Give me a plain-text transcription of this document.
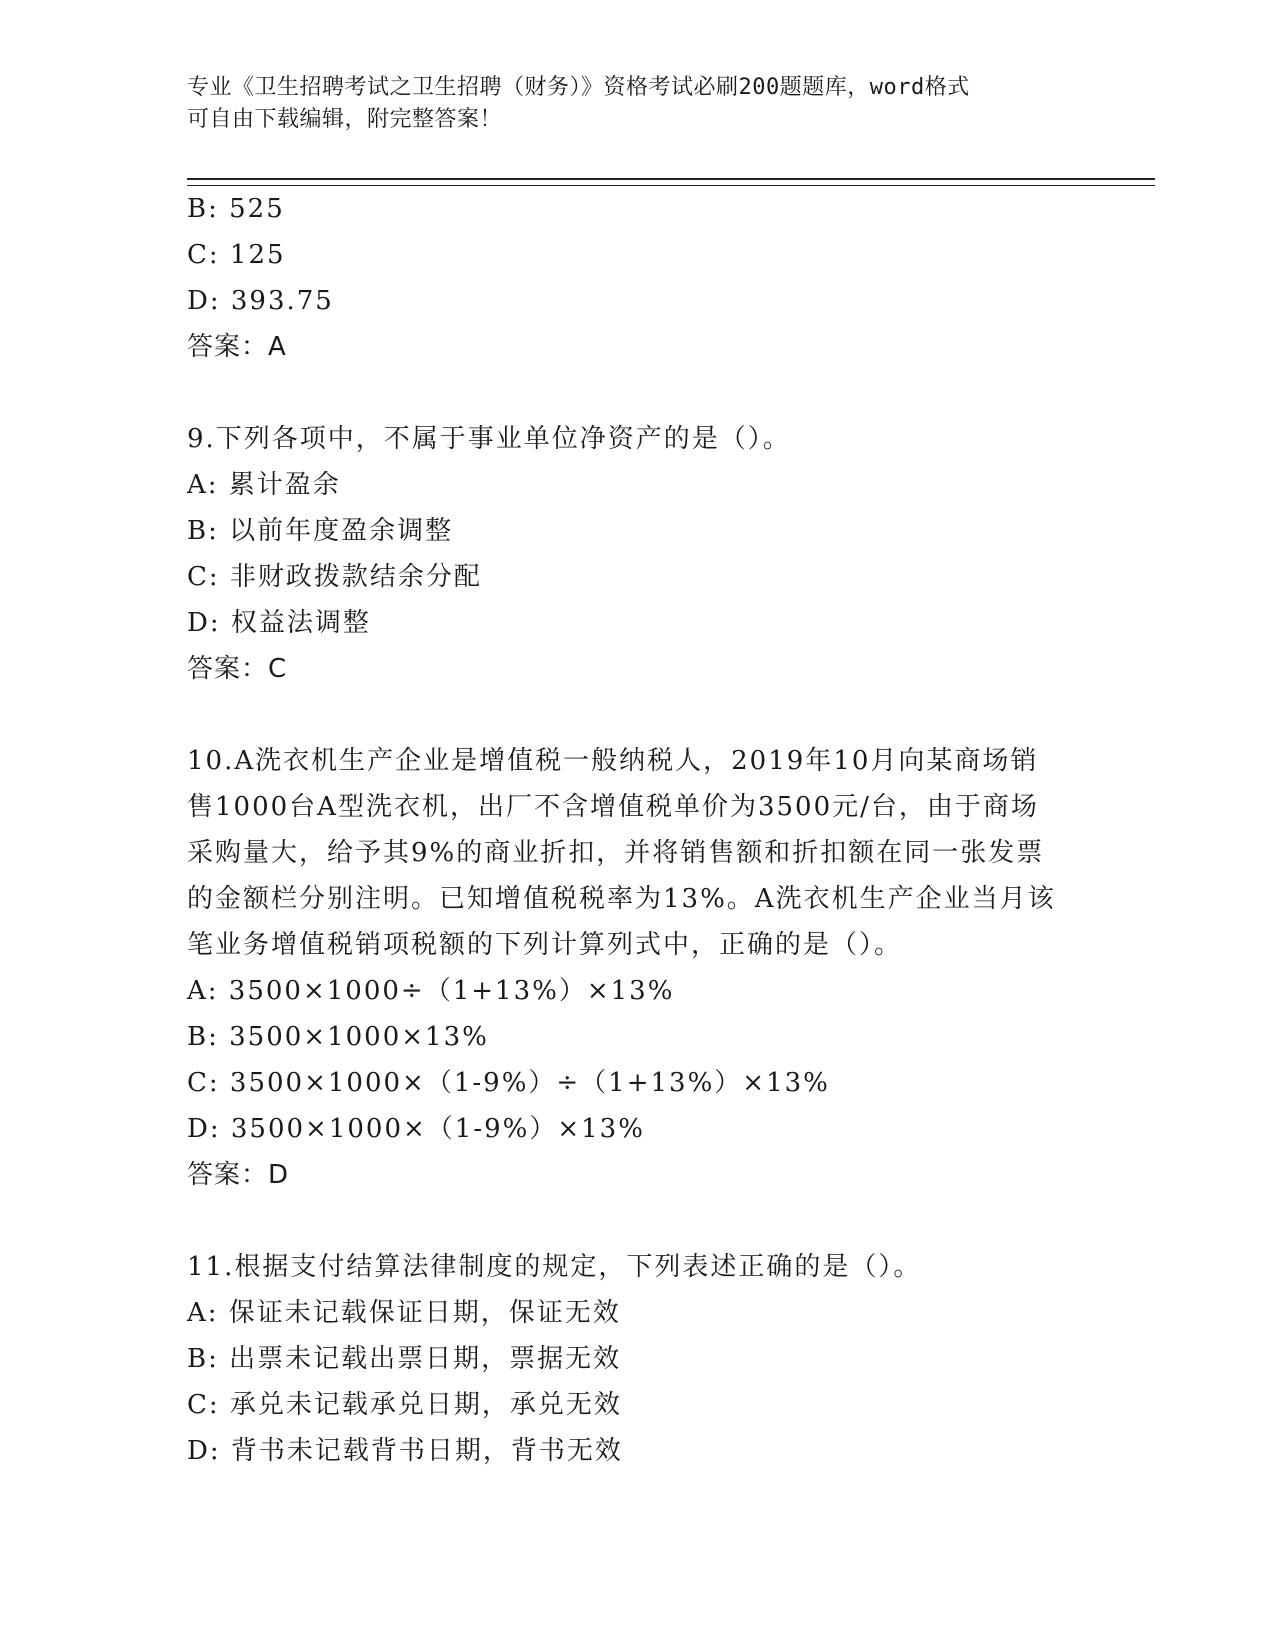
专业《卫生招聘考试之卫生招聘（财务）》资格考试必刷200题题库，word格式
可自由下载编辑，附完整答案！
B: 525
C: 125
D: 393.75
答案：A
9.下列各项中，不属于事业单位净资产的是（）。
A: 累计盈余
B: 以前年度盈余调整
C: 非财政拨款结余分配
D: 权益法调整
答案：C
10.A洗衣机生产企业是增值税一般纳税人，2019年10月向某商场销
售1000台A型洗衣机，出厂不含增值税单价为3500元/台，由于商场
采购量大，给予其9%的商业折扣，并将销售额和折扣额在同一张发票
的金额栏分别注明。已知增值税税率为13%。A洗衣机生产企业当月该
笔业务增值税销项税额的下列计算列式中，正确的是（）。
A: 3500×1000÷（1+13%）×13%
B: 3500×1000×13%
C: 3500×1000×（1-9%）÷（1+13%）×13%
D: 3500×1000×（1-9%）×13%
答案：D
11.根据支付结算法律制度的规定，下列表述正确的是（）。
A: 保证未记载保证日期，保证无效
B: 出票未记载出票日期，票据无效
C: 承兑未记载承兑日期，承兑无效
D: 背书未记载背书日期，背书无效
